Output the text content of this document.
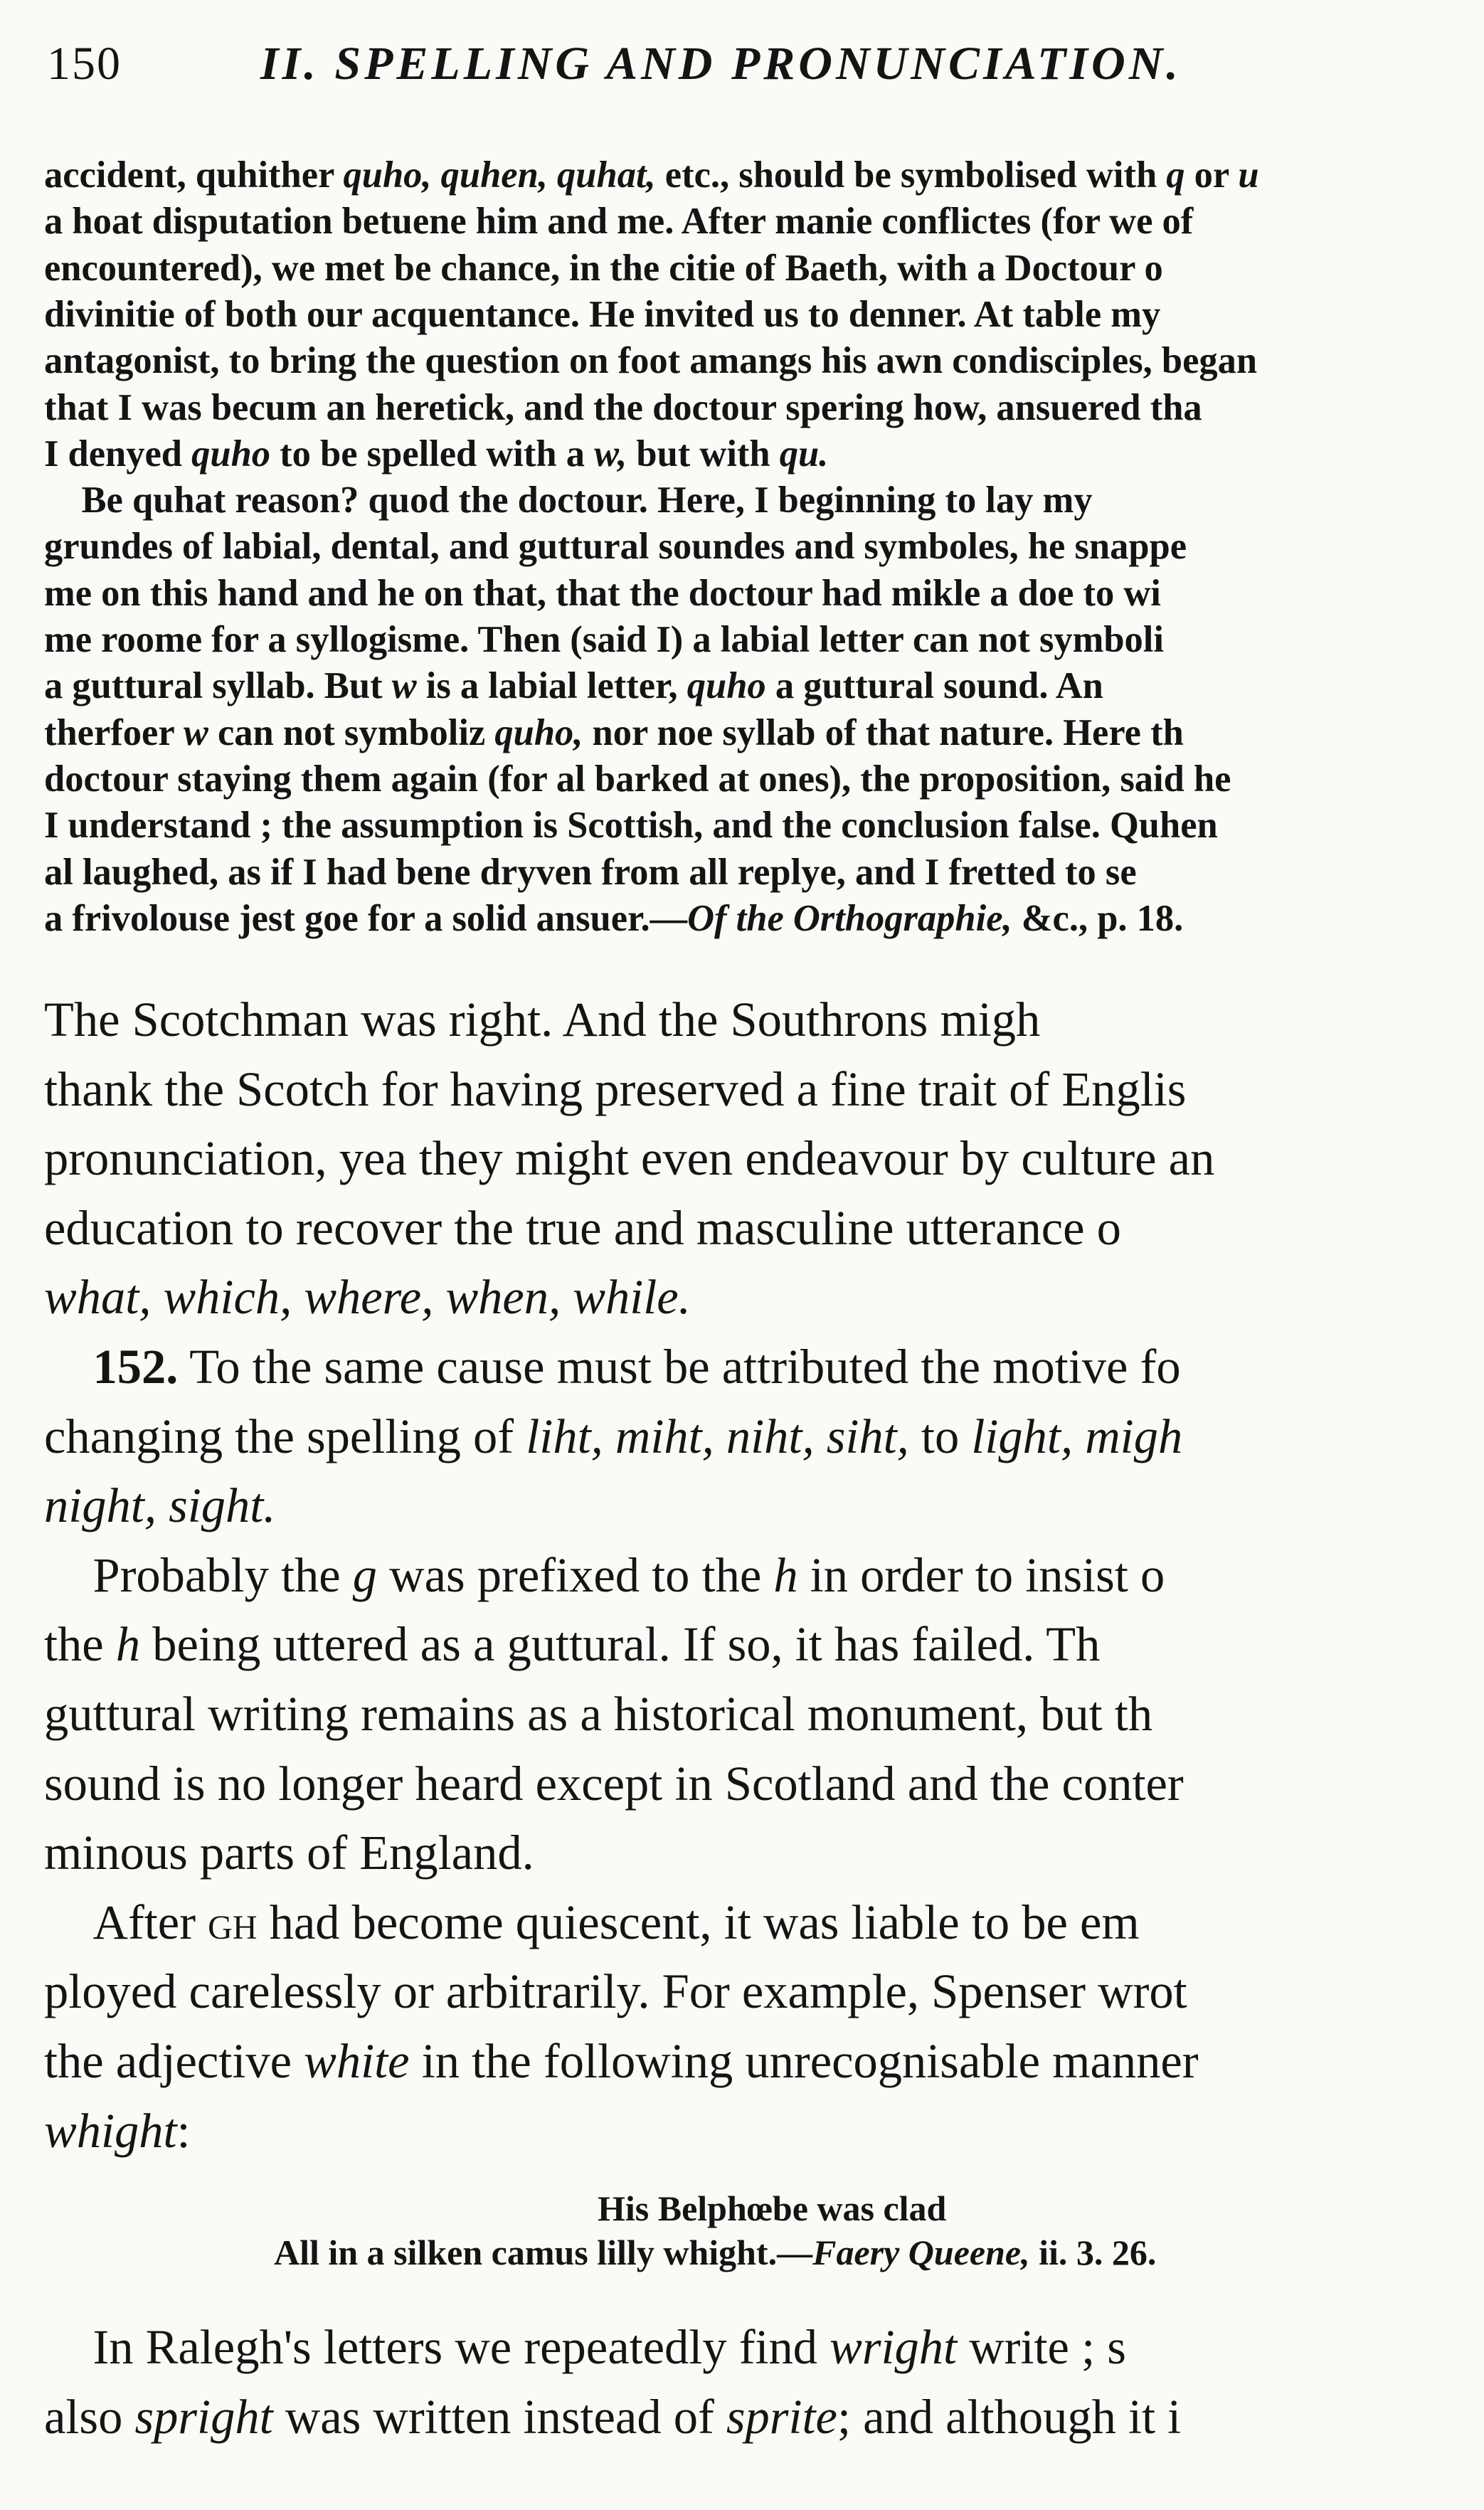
150	II. SPELLING AND PRONUNCIATION.
accident, quhither quho, quhen, quhat, etc., should be symbolised with q or u
a hoat disputation betuene him and me. After manie conflictes (for we of
encountered), we met be chance, in the citie of Baeth, with a Doctour o
divinitie of both our acquentance. He invited us to denner. At table my
antagonist, to bring the question on foot amangs his awn condisciples, began
that I was becum an heretick, and the doctour spering how, ansuered tha
I denyed quho to be spelled with a w, but with qu.
 Be quhat reason? quod the doctour. Here, I beginning to lay my
grundes of labial, dental, and guttural soundes and symboles, he snappe
me on this hand and he on that, that the doctour had mikle a doe to wi
me roome for a syllogisme. Then (said I) a labial letter can not symboli
a guttural syllab. But w is a labial letter, quho a guttural sound. An
therfoer w can not symboliz quho, nor noe syllab of that nature. Here th
doctour staying them again (for al barked at ones), the proposition, said he
I understand ; the assumption is Scottish, and the conclusion false. Quhen
al laughed, as if I had bene dryven from all replye, and I fretted to se
a frivolouse jest goe for a solid ansuer.—Of the Orthographie, &c., p. 18.
The Scotchman was right. And the Southrons migh
thank the Scotch for having preserved a fine trait of Englis
pronunciation, yea they might even endeavour by culture an
education to recover the true and masculine utterance o
what, which, where, when, while.
 152. To the same cause must be attributed the motive fo
changing the spelling of liht, miht, niht, siht, to light, migh
night, sight.
 Probably the g was prefixed to the h in order to insist o
the h being uttered as a guttural. If so, it has failed. Th
guttural writing remains as a historical monument, but th
sound is no longer heard except in Scotland and the conter
minous parts of England.
 After gh had become quiescent, it was liable to be em
ployed carelessly or arbitrarily. For example, Spenser wrot
the adjective white in the following unrecognisable manner
whight:
His Belphœbe was clad
All in a silken camus lilly whight.—Faery Queene, ii. 3. 26.
 In Ralegh's letters we repeatedly find wright write ; s
also spright was written instead of sprite; and although it i
